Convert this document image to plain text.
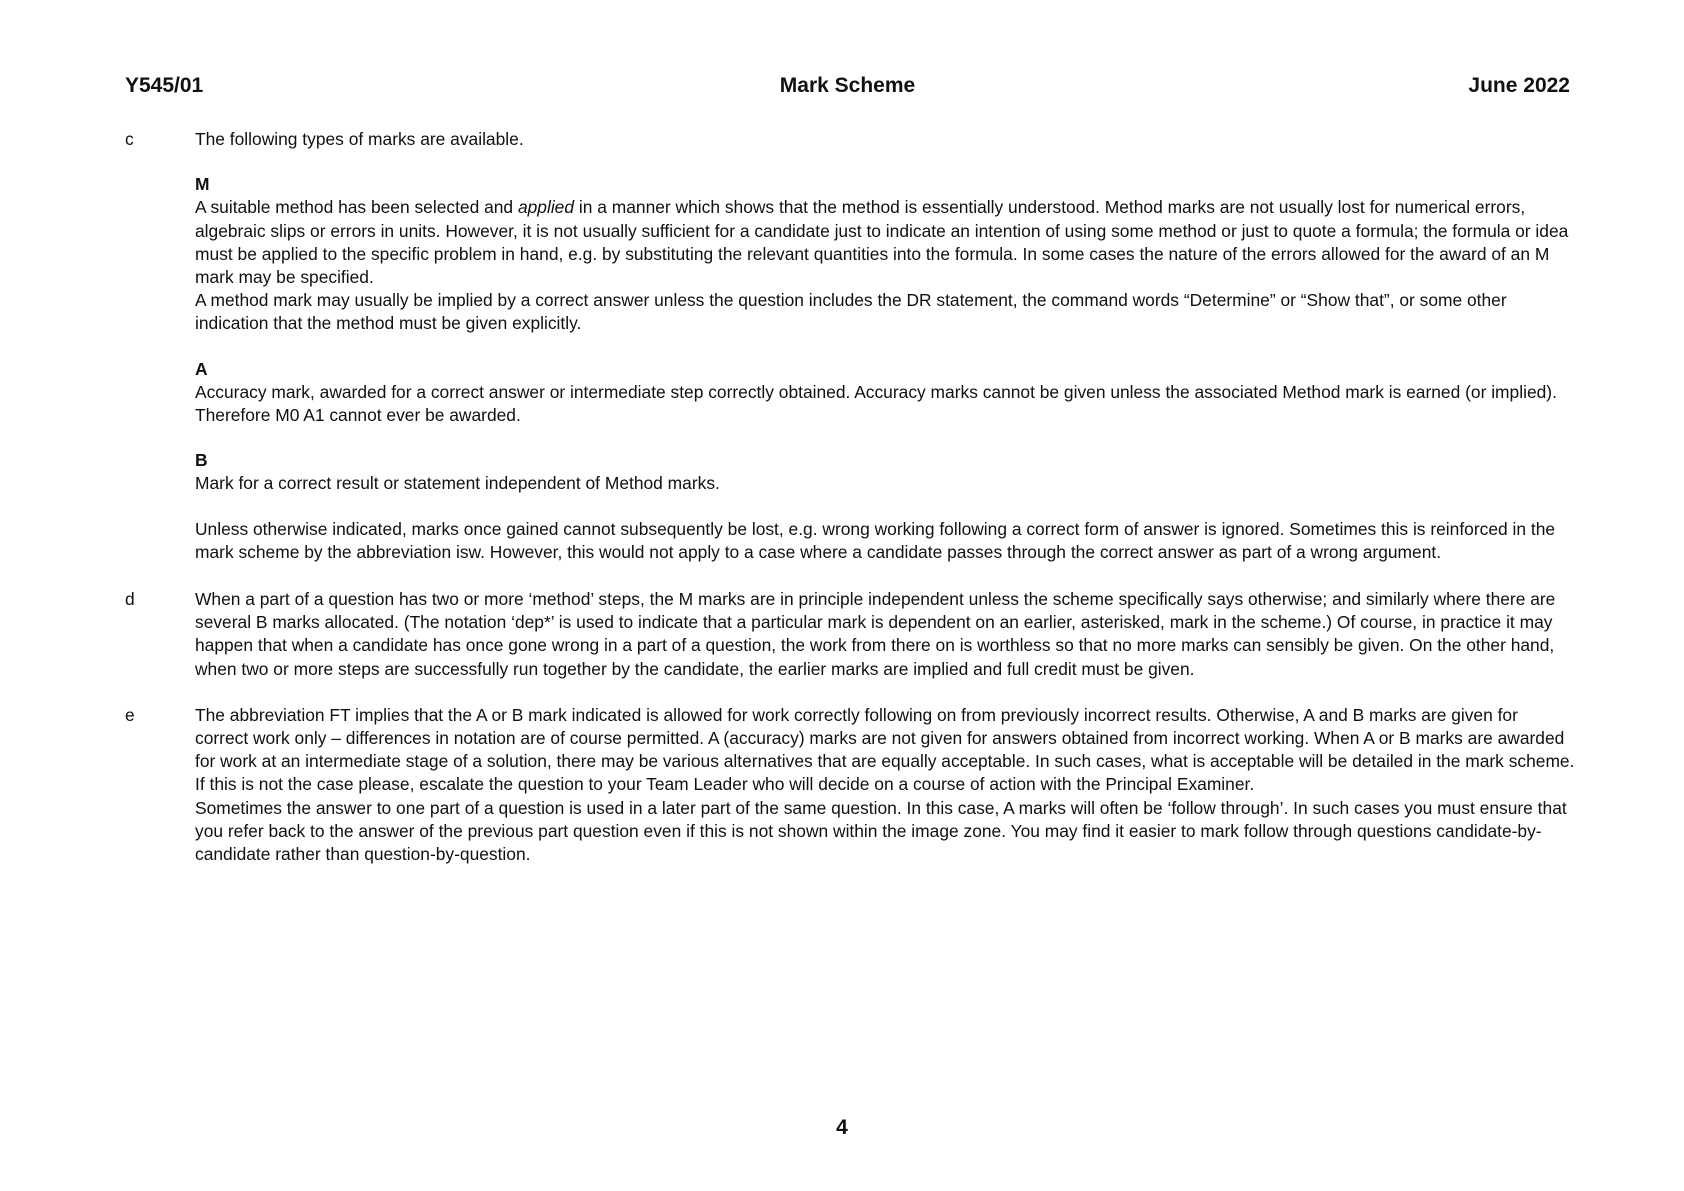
Y545/01	Mark Scheme	June 2022
c	The following types of marks are available.

M

A suitable method has been selected and applied in a manner which shows that the method is essentially understood. Method marks are not usually lost for numerical errors, algebraic slips or errors in units. However, it is not usually sufficient for a candidate just to indicate an intention of using some method or just to quote a formula; the formula or idea must be applied to the specific problem in hand, e.g. by substituting the relevant quantities into the formula. In some cases the nature of the errors allowed for the award of an M mark may be specified.

A method mark may usually be implied by a correct answer unless the question includes the DR statement, the command words “Determine” or “Show that”, or some other indication that the method must be given explicitly.

A

Accuracy mark, awarded for a correct answer or intermediate step correctly obtained. Accuracy marks cannot be given unless the associated Method mark is earned (or implied). Therefore M0 A1 cannot ever be awarded.

B

Mark for a correct result or statement independent of Method marks.

Unless otherwise indicated, marks once gained cannot subsequently be lost, e.g. wrong working following a correct form of answer is ignored. Sometimes this is reinforced in the mark scheme by the abbreviation isw. However, this would not apply to a case where a candidate passes through the correct answer as part of a wrong argument.

d	When a part of a question has two or more ‘method’ steps, the M marks are in principle independent unless the scheme specifically says otherwise; and similarly where there are several B marks allocated. (The notation ‘dep*’ is used to indicate that a particular mark is dependent on an earlier, asterisked, mark in the scheme.) Of course, in practice it may happen that when a candidate has once gone wrong in a part of a question, the work from there on is worthless so that no more marks can sensibly be given. On the other hand, when two or more steps are successfully run together by the candidate, the earlier marks are implied and full credit must be given.

e	The abbreviation FT implies that the A or B mark indicated is allowed for work correctly following on from previously incorrect results. Otherwise, A and B marks are given for correct work only – differences in notation are of course permitted. A (accuracy) marks are not given for answers obtained from incorrect working. When A or B marks are awarded for work at an intermediate stage of a solution, there may be various alternatives that are equally acceptable. In such cases, what is acceptable will be detailed in the mark scheme. If this is not the case please, escalate the question to your Team Leader who will decide on a course of action with the Principal Examiner.

Sometimes the answer to one part of a question is used in a later part of the same question. In this case, A marks will often be ‘follow through’. In such cases you must ensure that you refer back to the answer of the previous part question even if this is not shown within the image zone. You may find it easier to mark follow through questions candidate-by-candidate rather than question-by-question.

4
